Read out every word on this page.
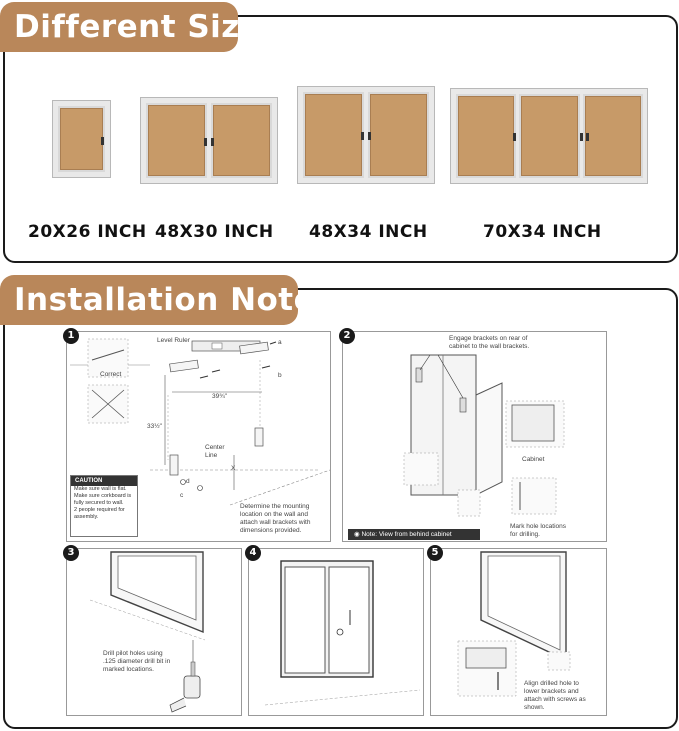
Different Size
20X26 INCH 48X30 INCH 48X34 INCH	70X34 INCH
Installation Notes
1	Level Ruler
Correct
39¾"
33½"
Center Line
a
b
c
d
X
CAUTION
Make sure wall is flat.
Make sure corkboard is fully secured to wall.
2 people required for assembly.
Determine the mounting location on the wall and attach wall brackets with dimensions provided.
2	Engage brackets on rear of cabinet to the wall brackets.
Cabinet
Mark hole locations for drilling.
◉ Note: View from behind cabinet
3
Drill pilot holes using .125 diameter drill bit in marked locations.
4	5
Align drilled hole to lower brackets and attach with screws as shown.
